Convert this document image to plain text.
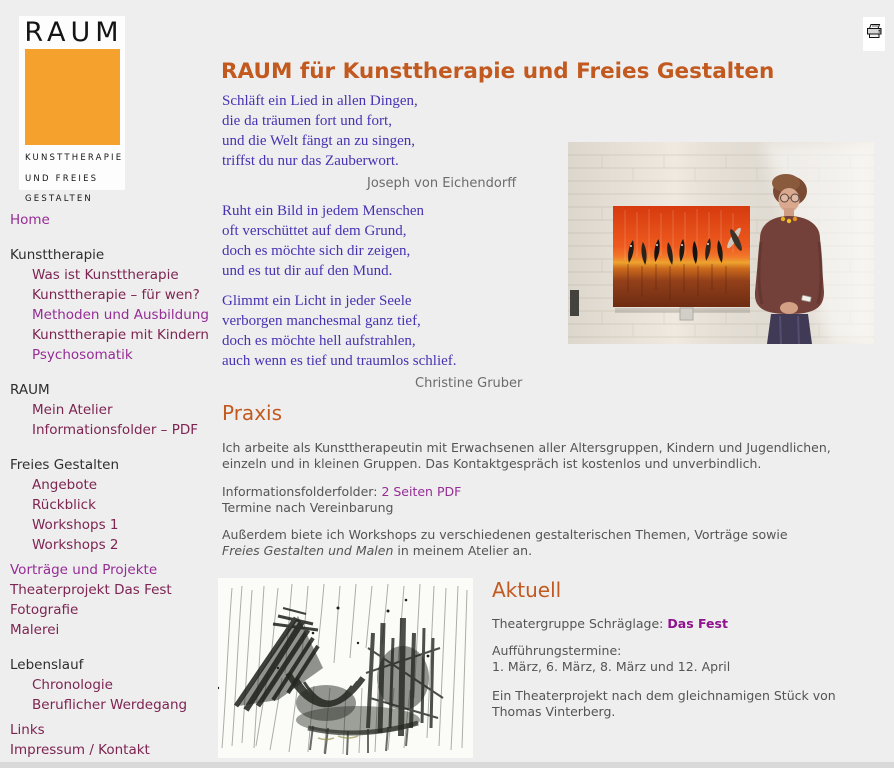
RAUM
KUNSTTHERAPIE
UND FREIES
GESTALTEN
Home
Kunsttherapie
Was ist Kunsttherapie
Kunsttherapie – für wen?
Methoden und Ausbildung
Kunsttherapie mit Kindern
Psychosomatik
RAUM
Mein Atelier
Informationsfolder – PDF
Freies Gestalten
Angebote
Rückblick
Workshops 1
Workshops 2
Vorträge und Projekte
Theaterprojekt Das Fest
Fotografie
Malerei
Lebenslauf
Chronologie
Beruflicher Werdegang
Links
Impressum / Kontakt
RAUM für Kunsttherapie und Freies Gestalten
Schläft ein Lied in allen Dingen,
die da träumen fort und fort,
und die Welt fängt an zu singen,
triffst du nur das Zauberwort.
Joseph von Eichendorff
Ruht ein Bild in jedem Menschen
oft verschüttet auf dem Grund,
doch es möchte sich dir zeigen,
und es tut dir auf den Mund.
Glimmt ein Licht in jeder Seele
verborgen manchesmal ganz tief,
doch es möchte hell aufstrahlen,
auch wenn es tief und traumlos schlief.
Christine Gruber
Praxis
Ich arbeite als Kunsttherapeutin mit Erwachsenen aller Altersgruppen, Kindern und Jugendlichen,
einzeln und in kleinen Gruppen. Das Kontaktgespräch ist kostenlos und unverbindlich.
Informationsfolderfolder: 2 Seiten PDF
Termine nach Vereinbarung
Außerdem biete ich Workshops zu verschiedenen gestalterischen Themen, Vorträge sowie
Freies Gestalten und Malen in meinem Atelier an.
Aktuell
Theatergruppe Schräglage: Das Fest
Aufführungstermine:
1. März, 6. März, 8. März und 12. April
Ein Theaterprojekt nach dem gleichnamigen Stück von
Thomas Vinterberg.
